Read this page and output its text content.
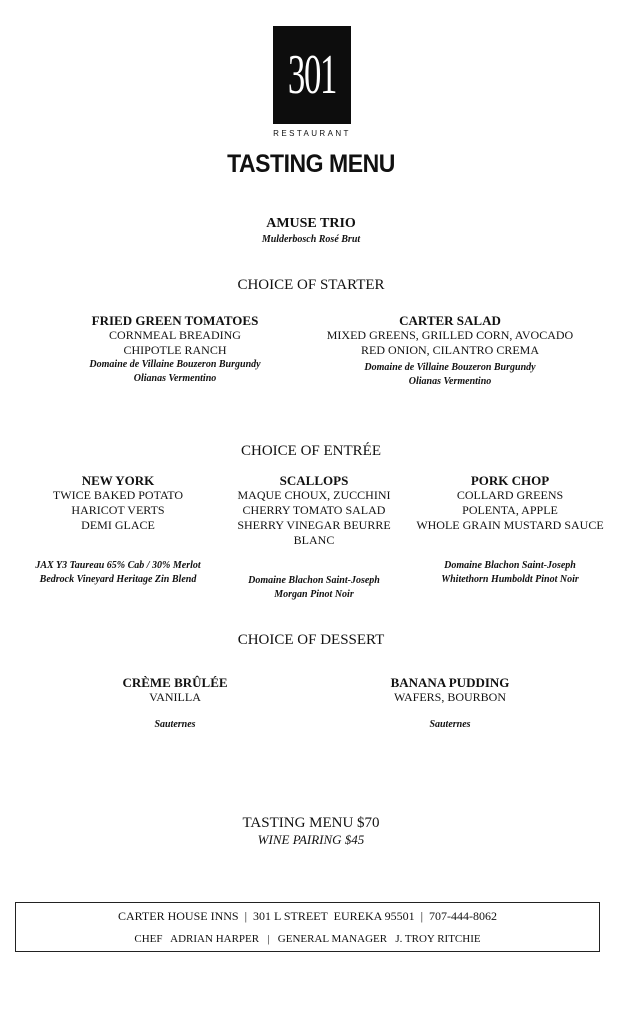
301
RESTAURANT
TASTING MENU
AMUSE TRIO
Mulderbosch Rosé Brut
CHOICE OF STARTER
FRIED GREEN TOMATOES
CORNMEAL BREADING
CHIPOTLE RANCH
Domaine de Villaine Bouzeron Burgundy
Olianas Vermentino
CARTER SALAD
MIXED GREENS, GRILLED CORN, AVOCADO
RED ONION, CILANTRO CREMA
Domaine de Villaine Bouzeron Burgundy
Olianas Vermentino
CHOICE OF ENTRÉE
NEW YORK
TWICE BAKED POTATO
HARICOT VERTS
DEMI GLACE
JAX Y3 Taureau 65% Cab / 30% Merlot
Bedrock Vineyard Heritage Zin Blend
SCALLOPS
MAQUE CHOUX, ZUCCHINI
CHERRY TOMATO SALAD
SHERRY VINEGAR BEURRE BLANC
Domaine Blachon Saint-Joseph
Morgan Pinot Noir
PORK CHOP
COLLARD GREENS
POLENTA, APPLE
WHOLE GRAIN MUSTARD SAUCE
Domaine Blachon Saint-Joseph
Whitethorn Humboldt Pinot Noir
CHOICE OF DESSERT
CRÈME BRÛLÉE
VANILLA
Sauternes
BANANA PUDDING
WAFERS, BOURBON
Sauternes
TASTING MENU $70
WINE PAIRING $45
CARTER HOUSE INNS  |  301 L STREET  EUREKA 95501  |  707-444-8062
CHEF   ADRIAN HARPER   |   GENERAL MANAGER   J. TROY RITCHIE
